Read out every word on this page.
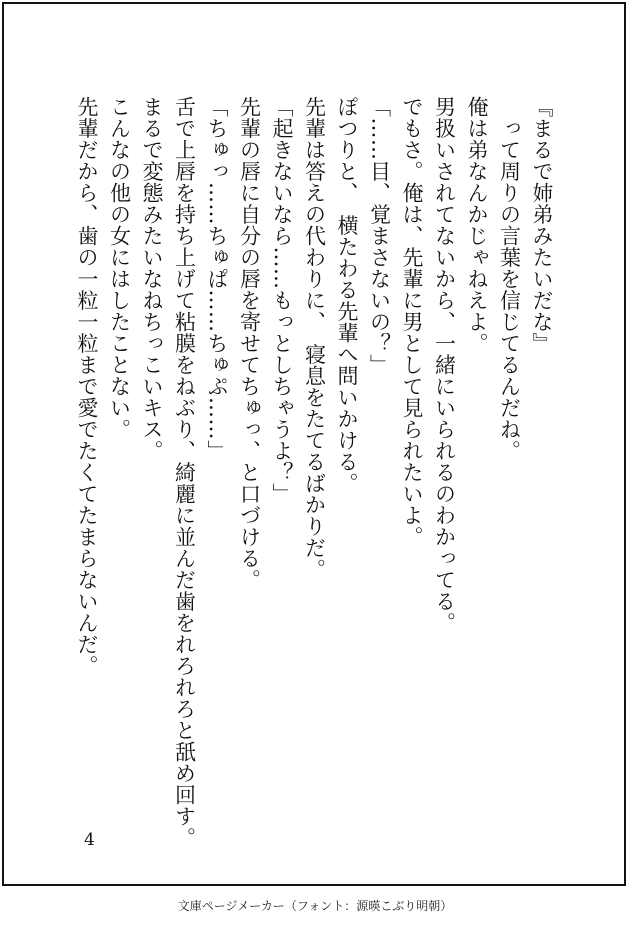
4
文庫ページメーカー（フォント：源暎こぶり明朝）
『まるで姉弟みたいだな』
　って周りの言葉を信じてるんだね。
俺は弟なんかじゃねえよ。
男扱いされてないから、一緒にいられるのわかってる。
でもさ。俺は、先輩に男として見られたいよ。
「……目、覚まさないの？」
ぽつりと、　横たわる先輩へ問いかける。
先輩は答えの代わりに、　寝息をたてるばかりだ。
「起きないなら……もっとしちゃうよ？」
先輩の唇に自分の唇を寄せてちゅっ、と口づける。
「ちゅっ……ちゅぱ……ちゅぷ……」
舌で上唇を持ち上げて粘膜をねぶり、綺麗に並んだ歯をれろれろと舐め回す。
まるで変態みたいなねちっこいキス。
こんなの他の女にはしたことない。
先輩だから、歯の一粒一粒まで愛でたくてたまらないんだ。
